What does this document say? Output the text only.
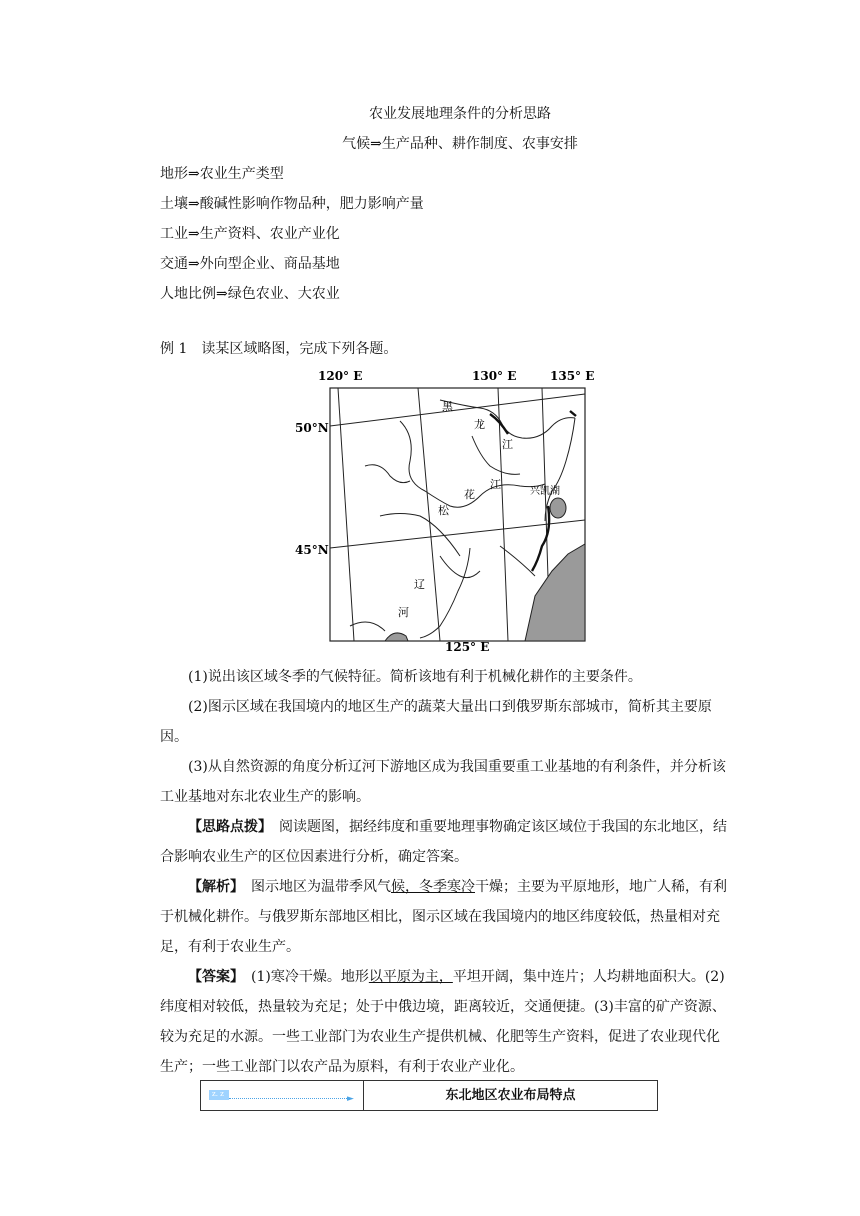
农业发展地理条件的分析思路
气候⇒生产品种、耕作制度、农事安排
地形⇒农业生产类型
土壤⇒酸碱性影响作物品种，肥力影响产量
工业⇒生产资料、农业产业化
交通⇒外向型企业、商品基地
人地比例⇒绿色农业、大农业
例 1　读某区域略图，完成下列各题。
120° E	130° E	135° E
125° E
50°N
45°N
黑
龙
江
松
花
江
辽
河
兴凯湖
(1)说出该区域冬季的气候特征。简析该地有利于机械化耕作的主要条件。
(2)图示区域在我国境内的地区生产的蔬菜大量出口到俄罗斯东部城市，简析其主要原因。
(3)从自然资源的角度分析辽河下游地区成为我国重要重工业基地的有利条件，并分析该工业基地对东北农业生产的影响。
【思路点拨】　阅读题图，据经纬度和重要地理事物确定该区域位于我国的东北地区，结合影响农业生产的区位因素进行分析，确定答案。
【解析】　图示地区为温带季风气候，冬季寒冷干燥；主要为平原地形，地广人稀，有利于机械化耕作。与俄罗斯东部地区相比，图示区域在我国境内的地区纬度较低，热量相对充足，有利于农业生产。
【答案】　(1)寒冷干燥。地形以平原为主，平坦开阔，集中连片；人均耕地面积大。(2)纬度相对较低，热量较为充足；处于中俄边境，距离较近，交通便捷。(3)丰富的矿产资源、较为充足的水源。一些工业部门为农业生产提供机械、化肥等生产资料，促进了农业现代化生产；一些工业部门以农产品为原料，有利于农业产业化。
z. z	►	东北地区农业布局特点
